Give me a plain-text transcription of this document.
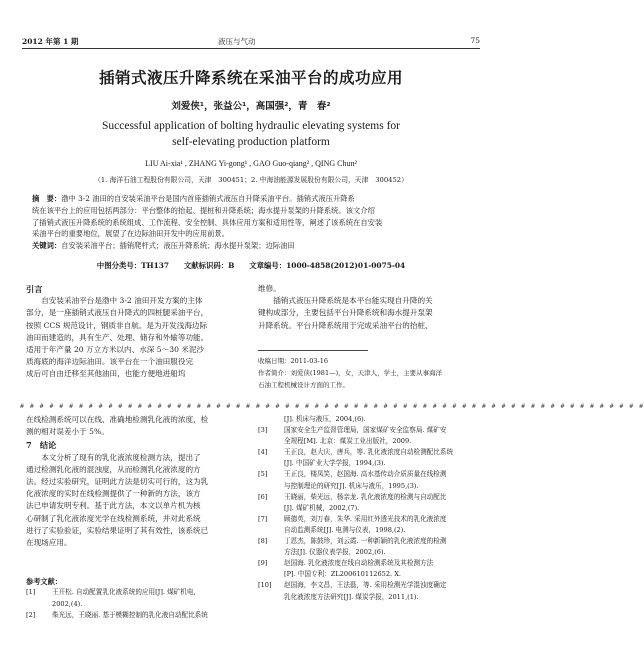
2012 年第 1 期	液压与气动	75
插销式液压升降系统在采油平台的成功应用
刘爱侠¹，张益公¹，高国强²，青　春²
Successful application of bolting hydraulic elevating systems for
self-elevating production platform
LIU Ai-xia¹ , ZHANG Yi-gong¹ , GAO Guo-qiang² , QING Chun²
（1. 海洋石油工程股份有限公司，天津　300451；2. 中海油能源发展股份有限公司，天津　300452）
摘　要：渤中 3-2 油田的自安装采油平台是国内首座插销式液压自升降采油平台。插销式液压升降系
统在该平台上的应用包括两部分：平台整体的抬起、提桩和升降系统；海水提升泵架的升降系统。该文介绍
了插销式液压升降系统的系统组成、工作流程、安全控制、具体应用方案和适用性等，阐述了该系统在自安装
采油平台的重要地位，展望了在边际油田开发中的应用前景。
关键词：自安装采油平台；插销爬杆式；液压升降系统；海水提升泵架；边际油田
中图分类号：TH137　　文献标识码：B　　文章编号：1000-4858(2012)01-0075-04
引言
自安装采油平台是渤中 3-2 油田开发方案的主体
部分，是一座插销式液压自升降式的四桩腿采油平台，
按照 CCS 规范设计，钢质非自航。是为开发浅海边际
油田而建造的，具有生产、处理、储存和外输等功能。
适用于年产量 20 万立方米以内、水深 5～30 米泥沙
质海底的海洋边际油田。该平台在一个油田服役完
成后可自由迁移至其他油田，也能方便地进船坞
维修。
插销式液压升降系统是本平台能实现自升降的关
键构成部分，主要包括平台升降系统和海水提升泵架
升降系统。平台升降系统用于完成采油平台的抬桩、
收稿日期：2011-03-16
作者简介：刘爱侠(1981—)，女，天津人，学士，主要从事海洋
石油工程机械设计方面的工作。
# # # # # # # # # # # # # # # # # # # # # # # # # # # # # # # # # # # # # # # # # # # # # # # # # # # # # # # # # # # # # # # #
在线检测系统可以在线、准确地检测乳化液的浓度，检
测的相对误差小于 5%。
7　结论
本文分析了现有的乳化液浓度检测方法，提出了
通过检测乳化液的混浊度，从而检测乳化液浓度的方
法。经过实验研究，证明此方法是切实可行的，这为乳
化液浓度的实时在线检测提供了一种新的方法，该方
法已申请发明专利。基于此方法，本文以单片机为核
心研制了乳化液浓度光学在线检测系统，并对此系统
进行了实验验证，实验结果证明了其有效性，该系统已
在现场应用。
参考文献：
[1]	王开松. 自动配置乳化液系统的应用[J]. 煤矿机电，
2002,(4).
[2]	柴光远，王晓丽. 基于模糊控制的乳化液自动配比系统
[J]. 机床与液压，2004,(6).
[3]	国家安全生产监督管理局，国家煤矿安全监察局. 煤矿安
全规程[M]. 北京：煤炭工业出版社，2009.
[4]	王正良，赵大庆，唐兵，等. 乳化液浓度自动检测配比系统
[J]. 中国矿业大学学报，1994,(3).
[5]	王正良，楼凤笑，赵国海. 高水基传动介质质量在线检测
与控制理论的研究[J]. 机床与液压，1995,(3).
[6]	王晓丽，柴光远，杨亲龙. 乳化液浓度的检测与自动配比
[J]. 煤矿机械，2002,(7).
[7]	顾德英，刘万春，朱华. 采用红外透光技术的乳化液浓度
自动监测系统[J]. 电测与仪表，1998,(2).
[8]	丁恩杰，陈鼓珍，刘云霞. 一种新颖的乳化液浓度的检测
方法[J]. 仪器仪表学报，2002,(6).
[9]	赵国海. 乳化液浓度在线自动检测系统及其检测方法
[P]. 中国专利：ZL200610112652. X.
[10] 赵国海，李文昌，王法磊，等. 采用检测光学混浊度确定
乳化液浓度方法研究[J]. 煤炭学报，2011,(1).
